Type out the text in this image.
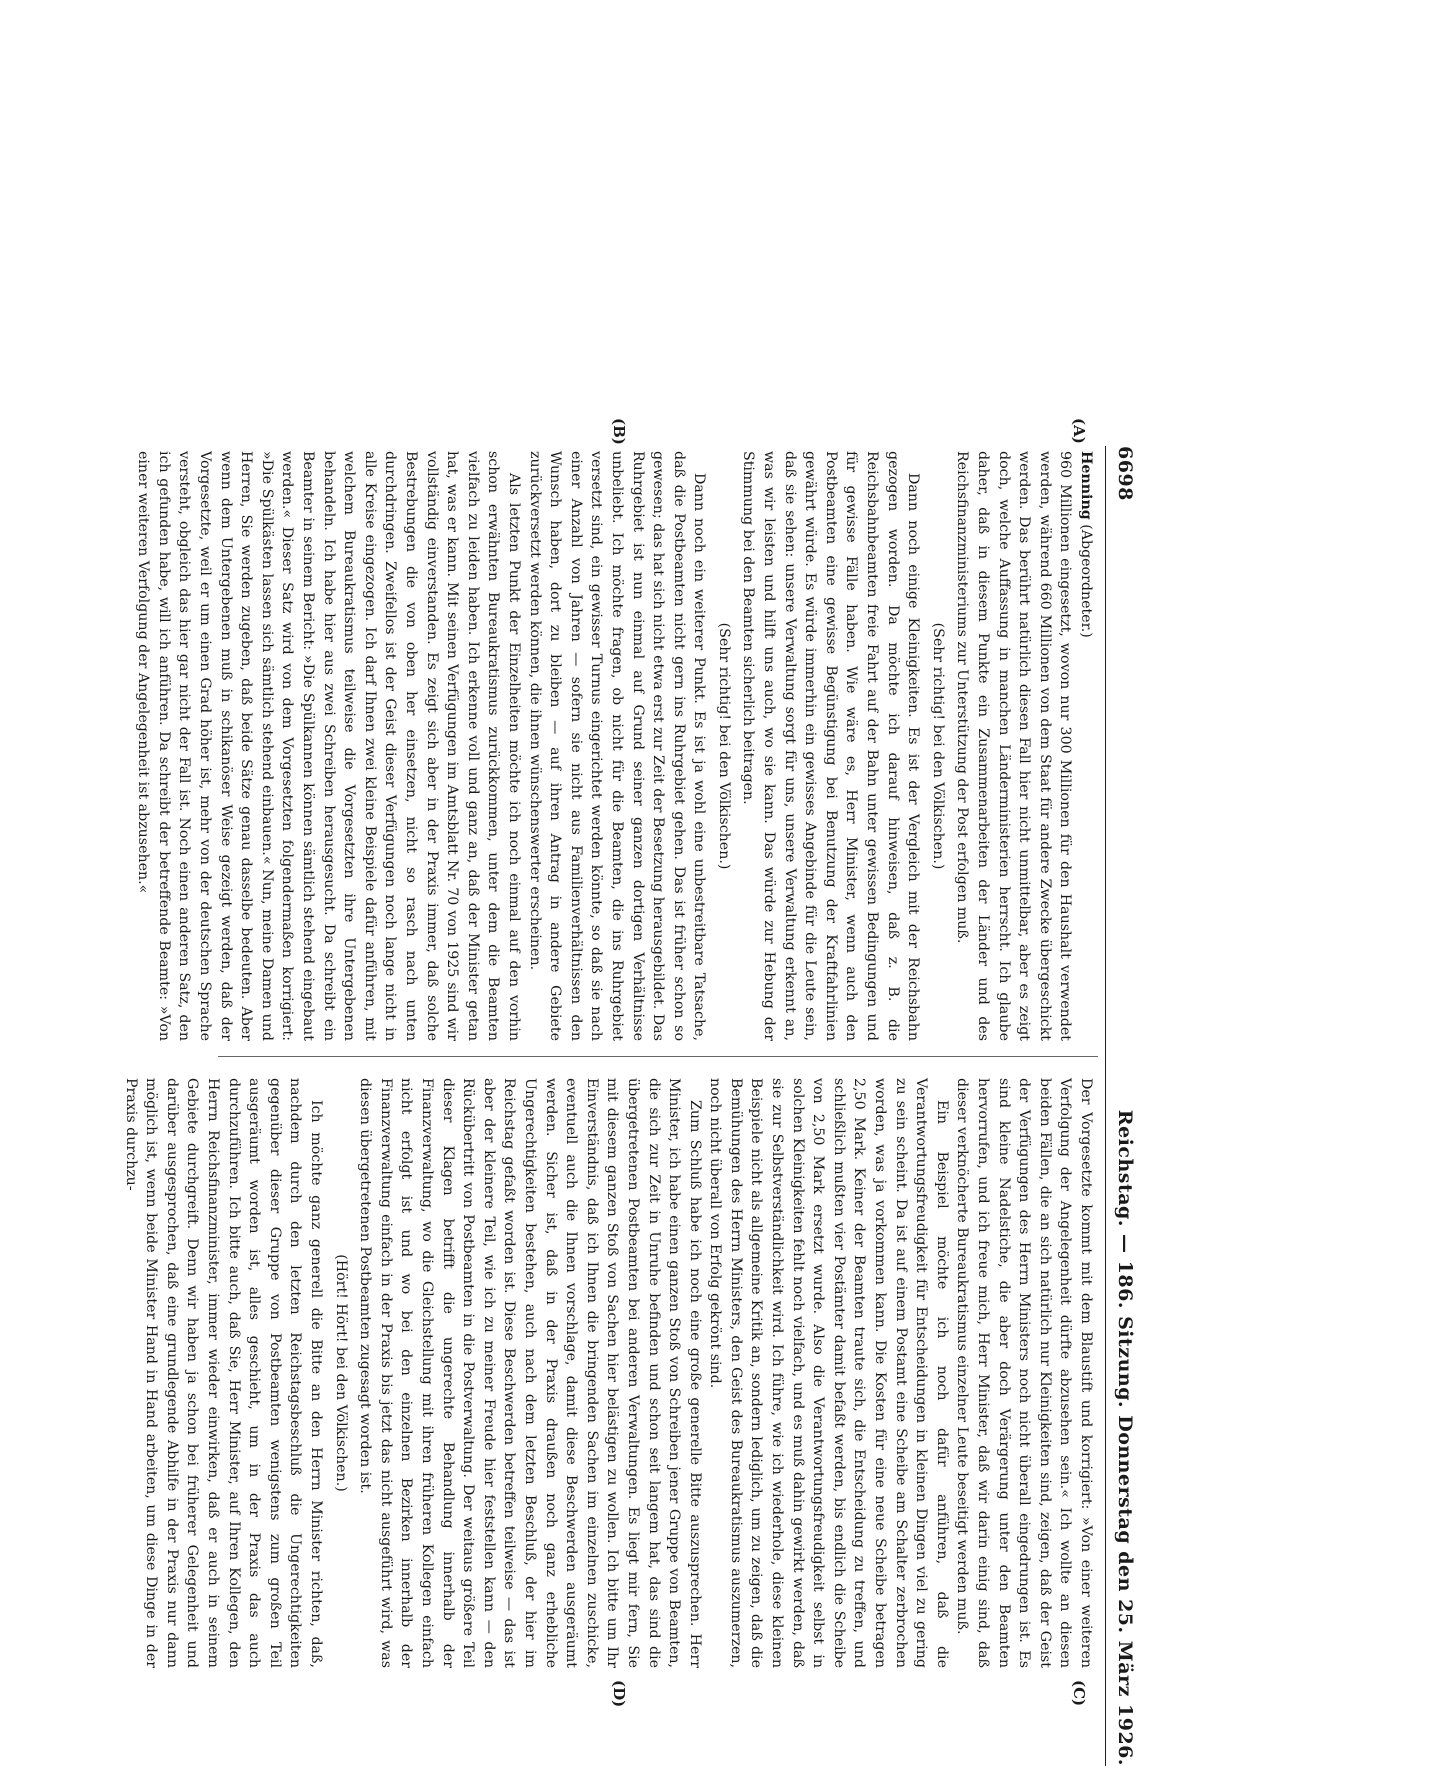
6698
Reichstag. — 186. Sitzung. Donnerstag den 25. März 1926.
(A)
(B)
(C)
(D)

Henning (Abgeordneter.)

960 Millionen eingesetzt, wovon nur 300 Millionen für den Haushalt verwendet werden, während 660 Millionen von dem Staat für andere Zwecke übergeschickt werden. Das berührt natürlich diesen Fall hier nicht unmittelbar, aber es zeigt doch, welche Auffassung in manchen Länderministerien herrscht. Ich glaube daher, daß in diesem Punkte ein Zusammenarbeiten der Länder und des Reichsfinanzministeriums zur Unterstützung der Post erfolgen muß.

(Sehr richtig! bei den Völkischen.)

Dann noch einige Kleinigkeiten. Es ist der Vergleich mit der Reichsbahn gezogen worden. Da möchte ich darauf hinweisen, daß z. B. die Reichsbahnbeamten freie Fahrt auf der Bahn unter gewissen Bedingungen und für gewisse Fälle haben. Wie wäre es, Herr Minister, wenn auch den Postbeamten eine gewisse Begünstigung bei Benutzung der Kraftfahrlinien gewährt würde. Es würde immerhin ein gewisses Angebinde für die Leute sein, daß sie sehen: unsere Verwaltung sorgt für uns, unsere Verwaltung erkennt an, was wir leisten und hilft uns auch, wo sie kann. Das würde zur Hebung der Stimmung bei den Beamten sicherlich beitragen.

(Sehr richtig! bei den Völkischen.)

Dann noch ein weiterer Punkt. Es ist ja wohl eine unbestreitbare Tatsache, daß die Postbeamten nicht gern ins Ruhrgebiet gehen. Das ist früher schon so gewesen; das hat sich nicht etwa erst zur Zeit der Besetzung herausgebildet. Das Ruhrgebiet ist nun einmal auf Grund seiner ganzen dortigen Verhältnisse unbeliebt. Ich möchte fragen, ob nicht für die Beamten, die ins Ruhrgebiet versetzt sind, ein gewisser Turnus eingerichtet werden könnte, so daß sie nach einer Anzahl von Jahren — sofern sie nicht aus Familienverhältnissen den Wunsch haben, dort zu bleiben — auf ihren Antrag in andere Gebiete zurückversetzt werden können, die ihnen wünschenswerter erscheinen.

Als letzten Punkt der Einzelheiten möchte ich noch einmal auf den vorhin schon erwähnten Bureaukratismus zurückkommen, unter dem die Beamten vielfach zu leiden haben. Ich erkenne voll und ganz an, daß der Minister getan hat, was er kann. Mit seinen Verfügungen im Amtsblatt Nr. 70 von 1925 sind wir vollständig einverstanden. Es zeigt sich aber in der Praxis immer, daß solche Bestrebungen die von oben her einsetzen, nicht so rasch nach unten durchdringen. Zweifellos ist der Geist dieser Verfügungen noch lange nicht in alle Kreise eingezogen. Ich darf Ihnen zwei kleine Beispiele dafür anführen, mit welchem Bureaukratismus teilweise die Vorgesetzten ihre Untergebenen behandeln. Ich habe hier aus zwei Schreiben herausgesucht. Da schreibt ein Beamter in seinem Bericht: »Die Spülkannen können sämtlich stehend eingebaut werden.« Dieser Satz wird von dem Vorgesetzten folgendermaßen korrigiert: »Die Spülkästen lassen sich sämtlich stehend einbauen.« Nun, meine Damen und Herren, Sie werden zugeben, daß beide Sätze genau dasselbe bedeuten. Aber wenn dem Untergebenen muß in schikanöser Weise gezeigt werden, daß der Vorgesetzte, weil er um einen Grad höher ist, mehr von der deutschen Sprache versteht, obgleich das hier gar nicht der Fall ist. Noch einen anderen Satz, den ich gefunden habe, will ich anführen. Da schreibt der betreffende Beamte: »Von einer weiteren Verfolgung der Angelegenheit ist abzusehen.«

Der Vorgesetzte kommt mit dem Blaustift und korrigiert: »Von einer weiteren Verfolgung der Angelegenheit dürfte abzusehen sein.« Ich wollte an diesen beiden Fällen, die an sich natürlich nur Kleinigkeiten sind, zeigen, daß der Geist der Verfügungen des Herrn Ministers noch nicht überall eingedrungen ist. Es sind kleine Nadelstiche, die aber doch Verärgerung unter den Beamten hervorrufen, und ich freue mich, Herr Minister, daß wir darin einig sind, daß dieser verknöcherte Bureaukratismus einzelner Leute beseitigt werden muß.

Ein Beispiel möchte ich noch dafür anführen, daß die Verantwortungsfreudigkeit für Entscheidungen in kleinen Dingen viel zu gering zu sein scheint. Da ist auf einem Postamt eine Scheibe am Schalter zerbrochen worden, was ja vorkommen kann. Die Kosten für eine neue Scheibe betragen 2,50 Mark. Keiner der Beamten traute sich, die Entscheidung zu treffen, und schließlich mußten vier Postämter damit befaßt werden, bis endlich die Scheibe von 2,50 Mark ersetzt wurde. Also die Verantwortungsfreudigkeit selbst in solchen Kleinigkeiten fehlt noch vielfach, und es muß dahin gewirkt werden, daß sie zur Selbstverständlichkeit wird. Ich führe, wie ich wiederhole, diese kleinen Beispiele nicht als allgemeine Kritik an, sondern lediglich, um zu zeigen, daß die Bemühungen des Herrn Ministers, den Geist des Bureaukratismus auszumerzen, noch nicht überall von Erfolg gekrönt sind.

Zum Schluß habe ich noch eine große generelle Bitte auszusprechen. Herr Minister, ich habe einen ganzen Stoß von Schreiben jener Gruppe von Beamten, die sich zur Zeit in Unruhe befinden und schon seit langem hat, das sind die übergetretenen Postbeamten bei anderen Verwaltungen. Es liegt mir fern, Sie mit diesem ganzen Stoß von Sachen hier belästigen zu wollen. Ich bitte um Ihr Einverständnis, daß ich Ihnen die bringenden Sachen im einzelnen zuschicke, eventuell auch die Ihnen vorschlage, damit diese Beschwerden ausgeräumt werden. Sicher ist, daß in der Praxis draußen noch ganz erhebliche Ungerechtigkeiten bestehen, auch nach dem letzten Beschluß, der hier im Reichstag gefaßt worden ist. Diese Beschwerden betreffen teilweise — das ist aber der kleinere Teil, wie ich zu meiner Freude hier feststellen kann — den Rückübertritt von Postbeamten in die Postverwaltung. Der weitaus größere Teil dieser Klagen betrifft die ungerechte Behandlung innerhalb der Finanzverwaltung, wo die Gleichstellung mit ihren früheren Kollegen einfach nicht erfolgt ist und wo bei den einzelnen Bezirken innerhalb der Finanzverwaltung einfach in der Praxis bis jetzt das nicht ausgeführt wird, was diesen übergetretenen Postbeamten zugesagt worden ist.

(Hört! Hört! bei den Völkischen.)

Ich möchte ganz generell die Bitte an den Herrn Minister richten, daß, nachdem durch den letzten Reichstagsbeschluß die Ungerechtigkeiten gegenüber dieser Gruppe von Postbeamten wenigstens zum großen Teil ausgeräumt worden ist, alles geschieht, um in der Praxis das auch durchzuführen. Ich bitte auch, daß Sie, Herr Minister, auf Ihren Kollegen, den Herrn Reichsfinanzminister, immer wieder einwirken, daß er auch in seinem Gebiete durchgreift. Denn wir haben ja schon bei früherer Gelegenheit und darüber ausgesprochen, daß eine grundlegende Abhilfe in der Praxis nur dann möglich ist, wenn beide Minister Hand in Hand arbeiten, um diese Dinge in der Praxis durchzu-
